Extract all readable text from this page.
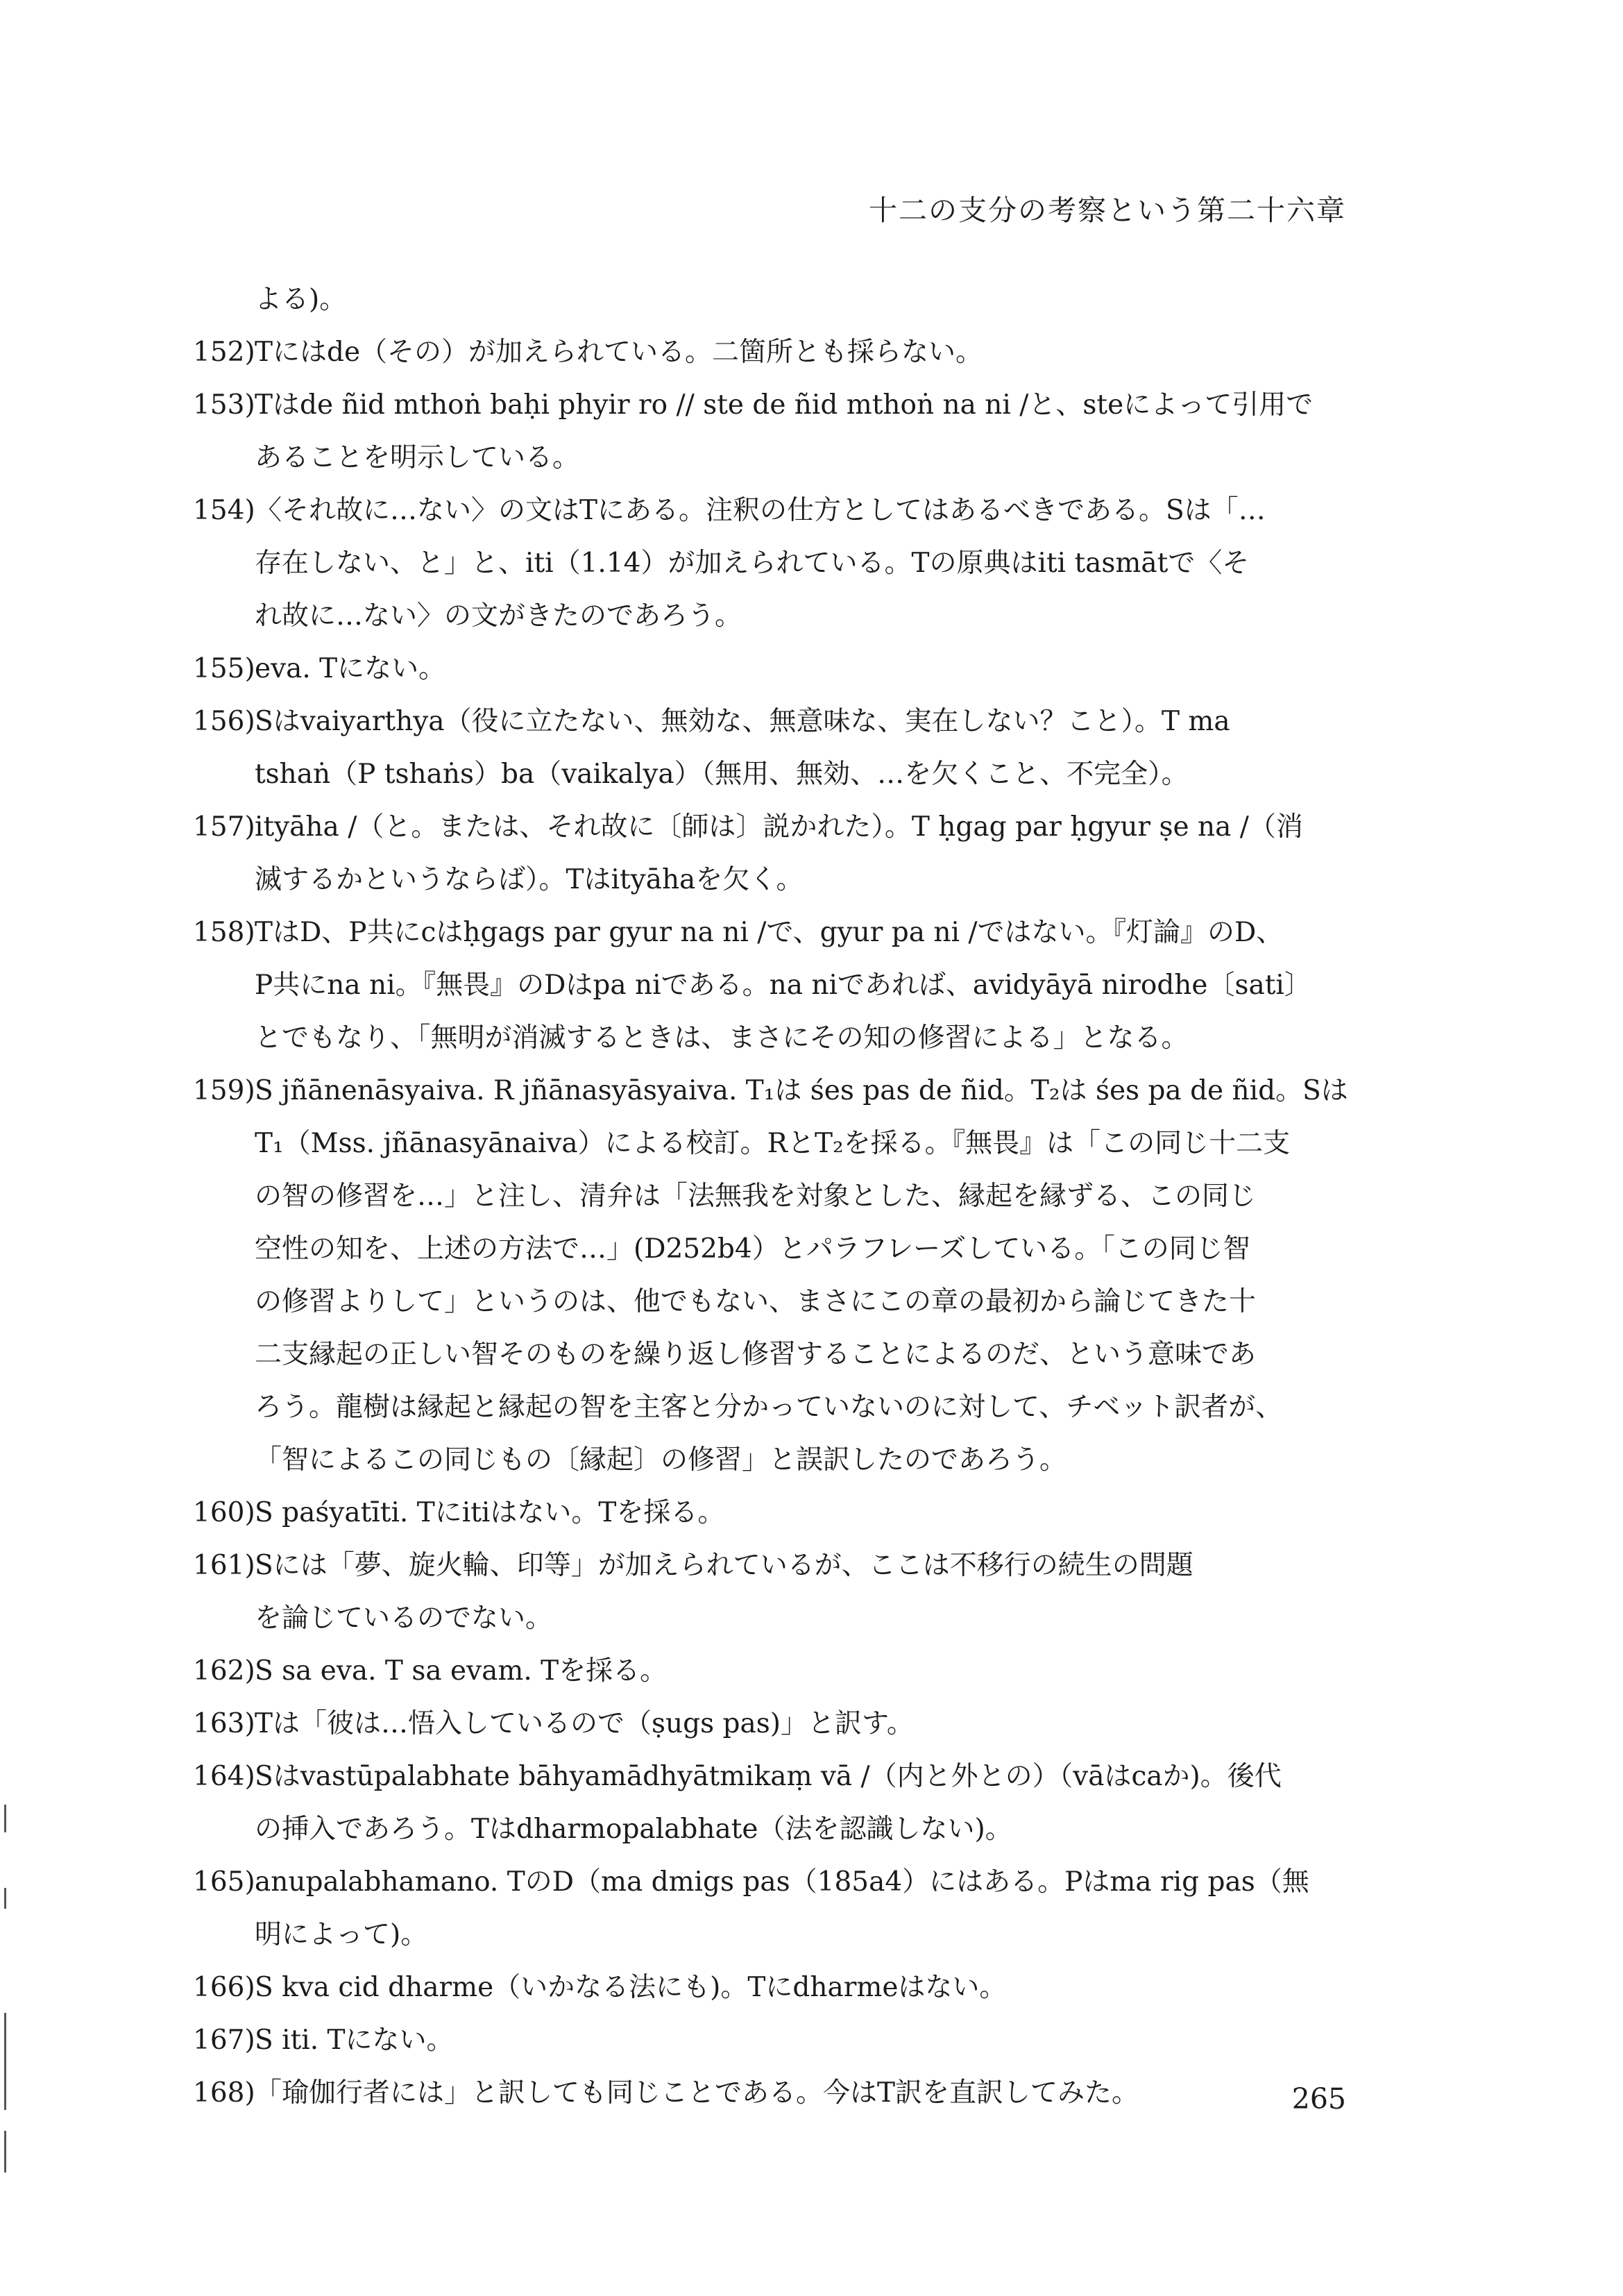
十二の支分の考察という第二十六章
よる)。
152) Tにはde（その）が加えられている。二箇所とも採らない。
153) Tはde ñid mthoṅ baḥi phyir ro // ste de ñid mthoṅ na ni /と、steによって引用で
あることを明示している。
154) 〈それ故に…ない〉の文はTにある。注釈の仕方としてはあるべきである。Sは「…
存在しない、と」と、iti（1.14）が加えられている。Tの原典はiti tasmātで〈そ
れ故に…ない〉の文がきたのであろう。
155) eva. Tにない。
156) Sはvaiyarthya（役に立たない、無効な、無意味な、実在しない？こと）。T ma
tshaṅ（P tshaṅs）ba（vaikalya）（無用、無効、…を欠くこと、不完全）。
157) ityāha /（と。または、それ故に〔師は〕説かれた）。T ḥgag par ḥgyur ṣe na /（消
滅するかというならば）。Tはityāhaを欠く。
158) TはD、P共にcはḥgags par gyur na ni /で、gyur pa ni /ではない。『灯論』のD、
P共にna ni。『無畏』のDはpa niである。na niであれば、avidyāyā nirodhe〔sati〕
とでもなり、「無明が消滅するときは、まさにその知の修習による」となる。
159) S jñānenāsyaiva. R jñānasyāsyaiva. T₁は śes pas de ñid。T₂は śes pa de ñid。Sは
T₁（Mss. jñānasyānaiva）による校訂。RとT₂を採る。『無畏』は「この同じ十二支
の智の修習を…」と注し、清弁は「法無我を対象とした、縁起を縁ずる、この同じ
空性の知を、上述の方法で…」(D252b4）とパラフレーズしている。「この同じ智
の修習よりして」というのは、他でもない、まさにこの章の最初から論じてきた十
二支縁起の正しい智そのものを繰り返し修習することによるのだ、という意味であ
ろう。龍樹は縁起と縁起の智を主客と分かっていないのに対して、チベット訳者が、
「智によるこの同じもの〔縁起〕の修習」と誤訳したのであろう。
160) S paśyatīti. Tにitiはない。Tを採る。
161) Sには「夢、旋火輪、印等」が加えられているが、ここは不移行の続生の問題
を論じているのでない。
162) S sa eva. T sa evam. Tを採る。
163) Tは「彼は…悟入しているので（ṣugs pas)」と訳す。
164) Sはvastūpalabhate bāhyamādhyātmikaṃ vā /（内と外との）（vāはcaか)。後代
の挿入であろう。Tはdharmopalabhate（法を認識しない)。
165) anupalabhamano. TのD（ma dmigs pas（185a4）にはある。Pはma rig pas（無
明によって)。
166) S kva cid dharme（いかなる法にも)。Tにdharmeはない。
167) S iti. Tにない。
168) 「瑜伽行者には」と訳しても同じことである。今はT訳を直訳してみた。	265
